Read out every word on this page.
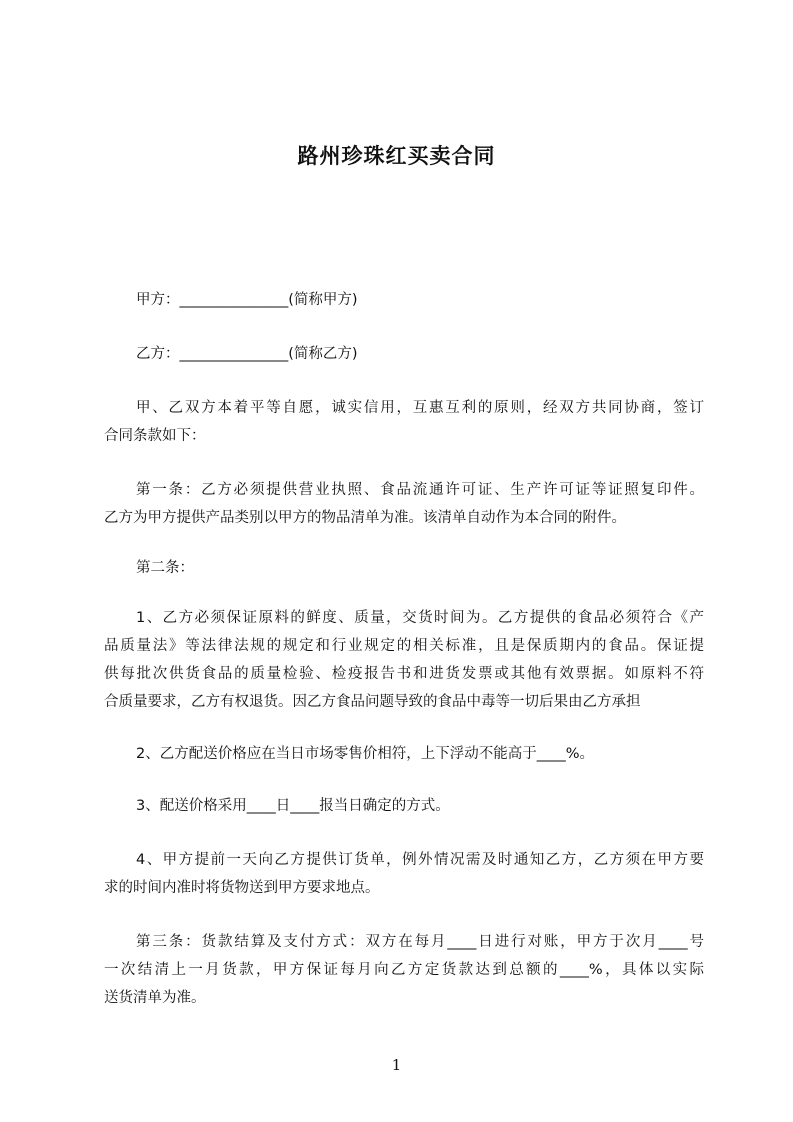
路州珍珠红买卖合同
甲方：_______________(简称甲方)
乙方：_______________(简称乙方)
甲、乙双方本着平等自愿，诚实信用，互惠互利的原则，经双方共同协商，签订
合同条款如下：
第一条：乙方必须提供营业执照、食品流通许可证、生产许可证等证照复印件。
乙方为甲方提供产品类别以甲方的物品清单为准。该清单自动作为本合同的附件。
第二条：
1、乙方必须保证原料的鲜度、质量，交货时间为。乙方提供的食品必须符合《产
品质量法》等法律法规的规定和行业规定的相关标准，且是保质期内的食品。保证提
供每批次供货食品的质量检验、检疫报告书和进货发票或其他有效票据。如原料不符
合质量要求，乙方有权退货。因乙方食品问题导致的食品中毒等一切后果由乙方承担
2、乙方配送价格应在当日市场零售价相符，上下浮动不能高于____%。
3、配送价格采用____日____报当日确定的方式。
4、甲方提前一天向乙方提供订货单，例外情况需及时通知乙方，乙方须在甲方要
求的时间内准时将货物送到甲方要求地点。
第三条：货款结算及支付方式：双方在每月____日进行对账，甲方于次月____号
一次结清上一月货款，甲方保证每月向乙方定货款达到总额的____%，具体以实际
送货清单为准。
1
